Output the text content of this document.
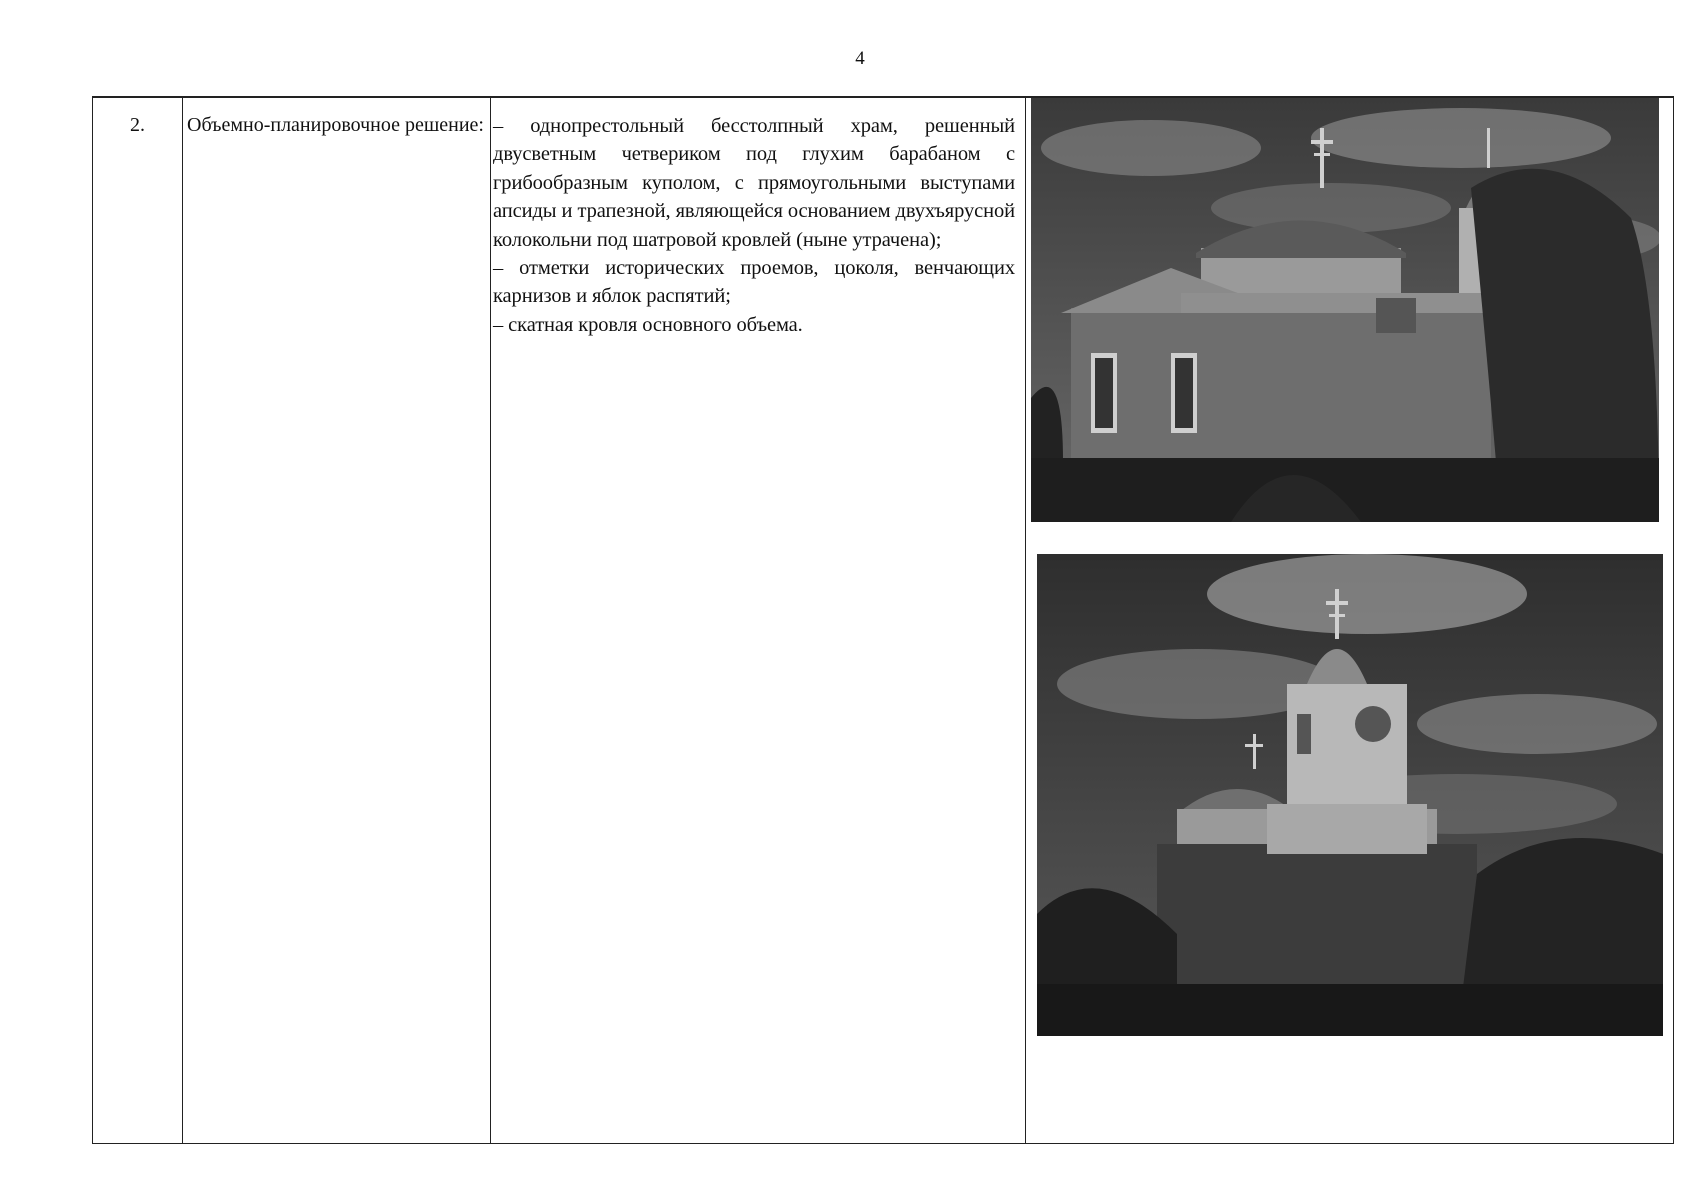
4
2.	Объемно-планировочное решение: – однопрестольный бесстолпный храм, решенный двусветным четвериком под глухим барабаном с грибообразным куполом, с прямоугольными выступами апсиды и трапезной, являющейся основанием двухъярусной колокольни под шатровой кровлей (ныне утрачена);

– отметки исторических проемов, цоколя, венчающих карнизов и яблок распятий;

– скатная кровля основного объема.
